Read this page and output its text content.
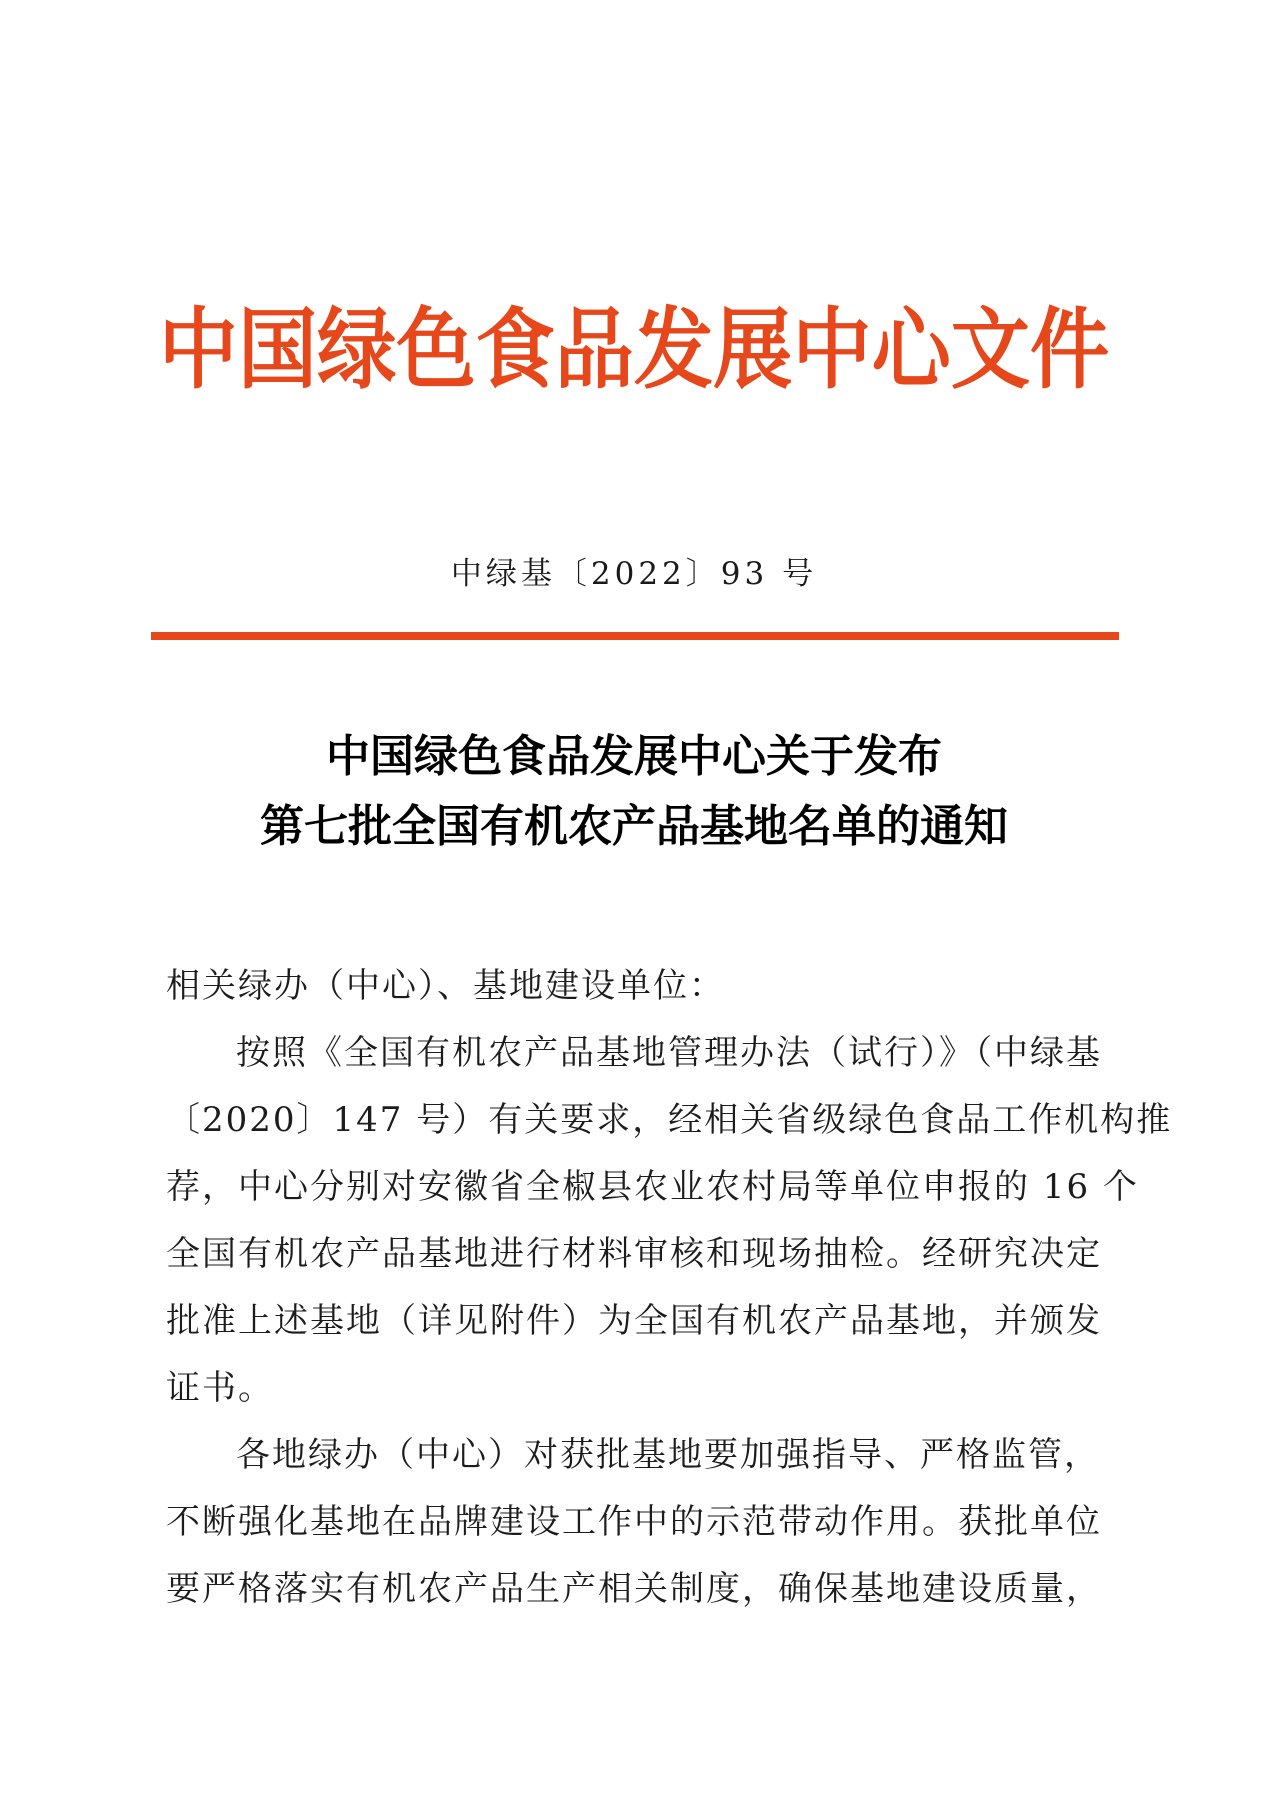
中国绿色食品发展中心文件
中绿基〔2022〕93 号
中国绿色食品发展中心关于发布
第七批全国有机农产品基地名单的通知
相关绿办（中心）、基地建设单位：
按照《全国有机农产品基地管理办法（试行）》（中绿基
〔2020〕147 号）有关要求，经相关省级绿色食品工作机构推
荐，中心分别对安徽省全椒县农业农村局等单位申报的 16 个
全国有机农产品基地进行材料审核和现场抽检。经研究决定
批准上述基地（详见附件）为全国有机农产品基地，并颁发
证书。
各地绿办（中心）对获批基地要加强指导、严格监管，
不断强化基地在品牌建设工作中的示范带动作用。获批单位
要严格落实有机农产品生产相关制度，确保基地建设质量，
